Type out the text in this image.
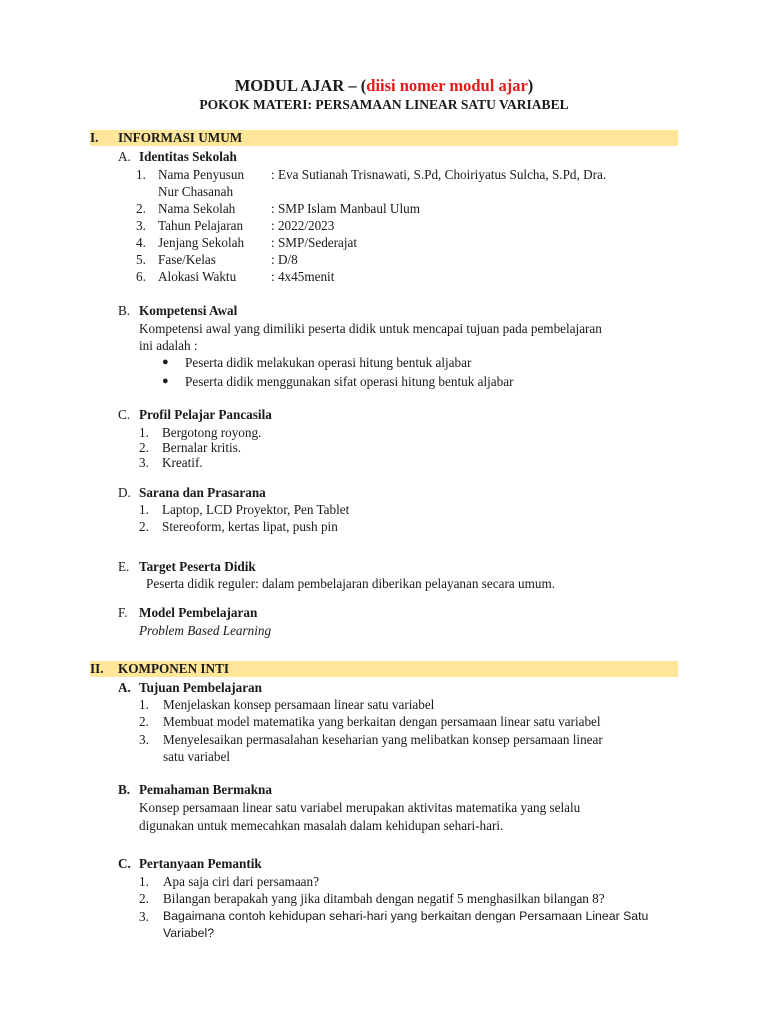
MODUL AJAR – (diisi nomer modul ajar)
POKOK MATERI: PERSAMAAN LINEAR SATU VARIABEL
I. INFORMASI UMUM
A. Identitas Sekolah
1. Nama Penyusun : Eva Sutianah Trisnawati, S.Pd, Choiriyatus Sulcha, S.Pd, Dra.
Nur Chasanah
2. Nama Sekolah	: SMP Islam Manbaul Ulum
3. Tahun Pelajaran : 2022/2023
4. Jenjang Sekolah : SMP/Sederajat
5. Fase/Kelas	: D/8
6. Alokasi Waktu	: 4x45menit
B. Kompetensi Awal
Kompetensi awal yang dimiliki peserta didik untuk mencapai tujuan pada pembelajaran
ini adalah :
● Peserta didik melakukan operasi hitung bentuk aljabar
● Peserta didik menggunakan sifat operasi hitung bentuk aljabar
C. Profil Pelajar Pancasila
1. Bergotong royong.
2. Bernalar kritis.
3. Kreatif.
D. Sarana dan Prasarana
1. Laptop, LCD Proyektor, Pen Tablet
2. Stereoform, kertas lipat, push pin
E. Target Peserta Didik
Peserta didik reguler: dalam pembelajaran diberikan pelayanan secara umum.
F. Model Pembelajaran
Problem Based Learning
II. KOMPONEN INTI
A. Tujuan Pembelajaran
1. Menjelaskan konsep persamaan linear satu variabel
2. Membuat model matematika yang berkaitan dengan persamaan linear satu variabel
3. Menyelesaikan permasalahan keseharian yang melibatkan konsep persamaan linear
satu variabel
B. Pemahaman Bermakna
Konsep persamaan linear satu variabel merupakan aktivitas matematika yang selalu
digunakan untuk memecahkan masalah dalam kehidupan sehari-hari.
C. Pertanyaan Pemantik
1. Apa saja ciri dari persamaan?
2. Bilangan berapakah yang jika ditambah dengan negatif 5 menghasilkan bilangan 8?
3. Bagaimana contoh kehidupan sehari-hari yang berkaitan dengan Persamaan Linear Satu
Variabel?
